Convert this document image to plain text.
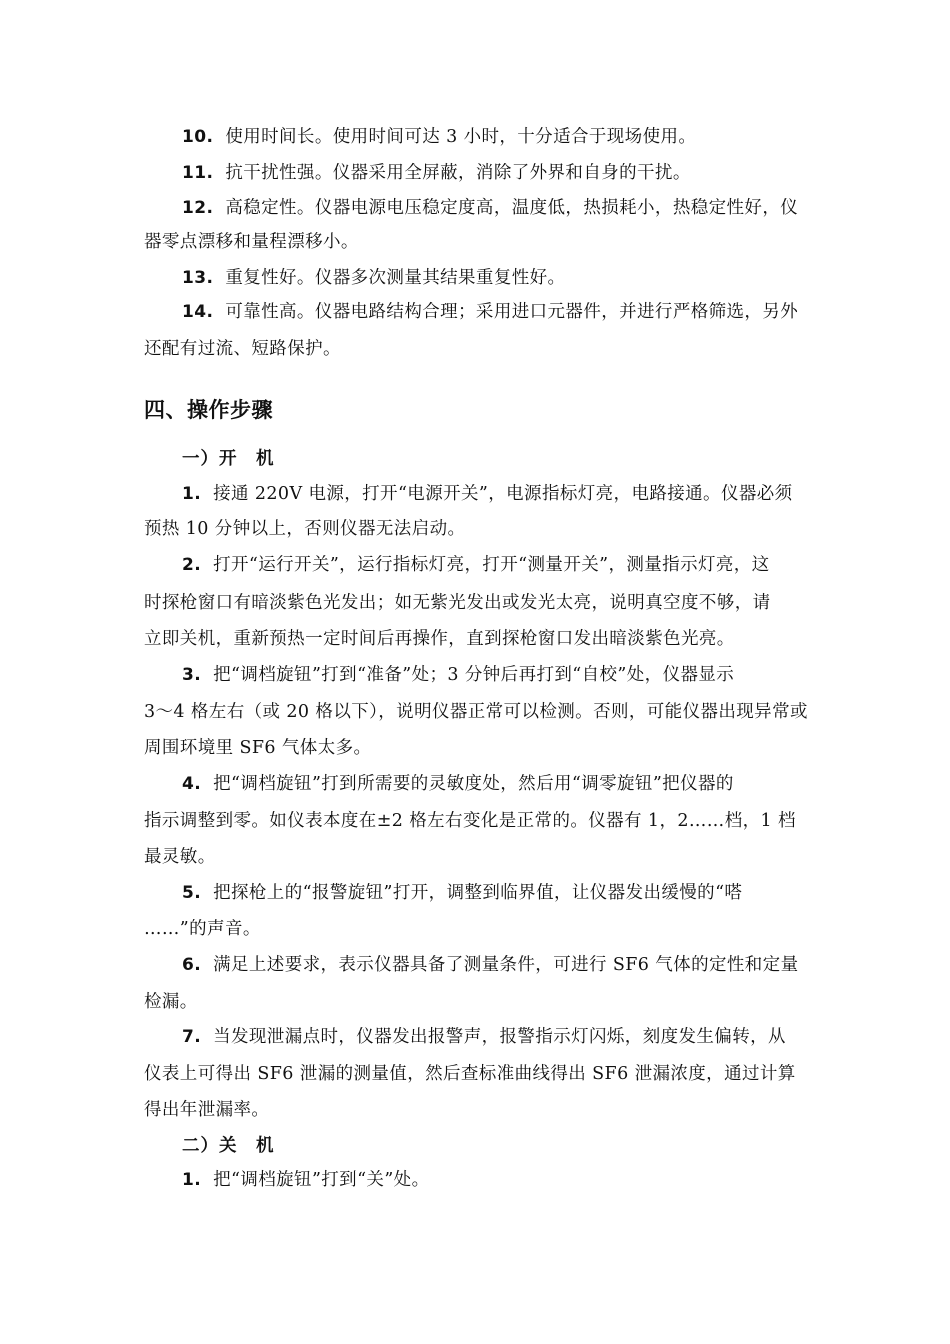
10. 使用时间长。使用时间可达 3 小时，十分适合于现场使用。
11. 抗干扰性强。仪器采用全屏蔽，消除了外界和自身的干扰。
12. 高稳定性。仪器电源电压稳定度高，温度低，热损耗小，热稳定性好，仪
器零点漂移和量程漂移小。
13. 重复性好。仪器多次测量其结果重复性好。
14. 可靠性高。仪器电路结构合理；采用进口元器件，并进行严格筛选，另外
还配有过流、短路保护。
四、操作步骤
一）开　机
1. 接通 220V 电源，打开“电源开关”，电源指标灯亮，电路接通。仪器必须
预热 10 分钟以上，否则仪器无法启动。
2. 打开“运行开关”，运行指标灯亮，打开“测量开关”，测量指示灯亮，这
时探枪窗口有暗淡紫色光发出；如无紫光发出或发光太亮，说明真空度不够，请
立即关机，重新预热一定时间后再操作，直到探枪窗口发出暗淡紫色光亮。
3. 把“调档旋钮”打到“准备”处；3 分钟后再打到“自校”处，仪器显示
3～4 格左右（或 20 格以下），说明仪器正常可以检测。否则，可能仪器出现异常或
周围环境里 SF6 气体太多。
4. 把“调档旋钮”打到所需要的灵敏度处，然后用“调零旋钮”把仪器的
指示调整到零。如仪表本度在±2 格左右变化是正常的。仪器有 1，2……档，1 档
最灵敏。
5. 把探枪上的“报警旋钮”打开，调整到临界值，让仪器发出缓慢的“嗒
……”的声音。
6. 满足上述要求，表示仪器具备了测量条件，可进行 SF6 气体的定性和定量
检漏。
7. 当发现泄漏点时，仪器发出报警声，报警指示灯闪烁，刻度发生偏转，从
仪表上可得出 SF6 泄漏的测量值，然后查标准曲线得出 SF6 泄漏浓度，通过计算
得出年泄漏率。
二）关　机
1. 把“调档旋钮”打到“关”处。
